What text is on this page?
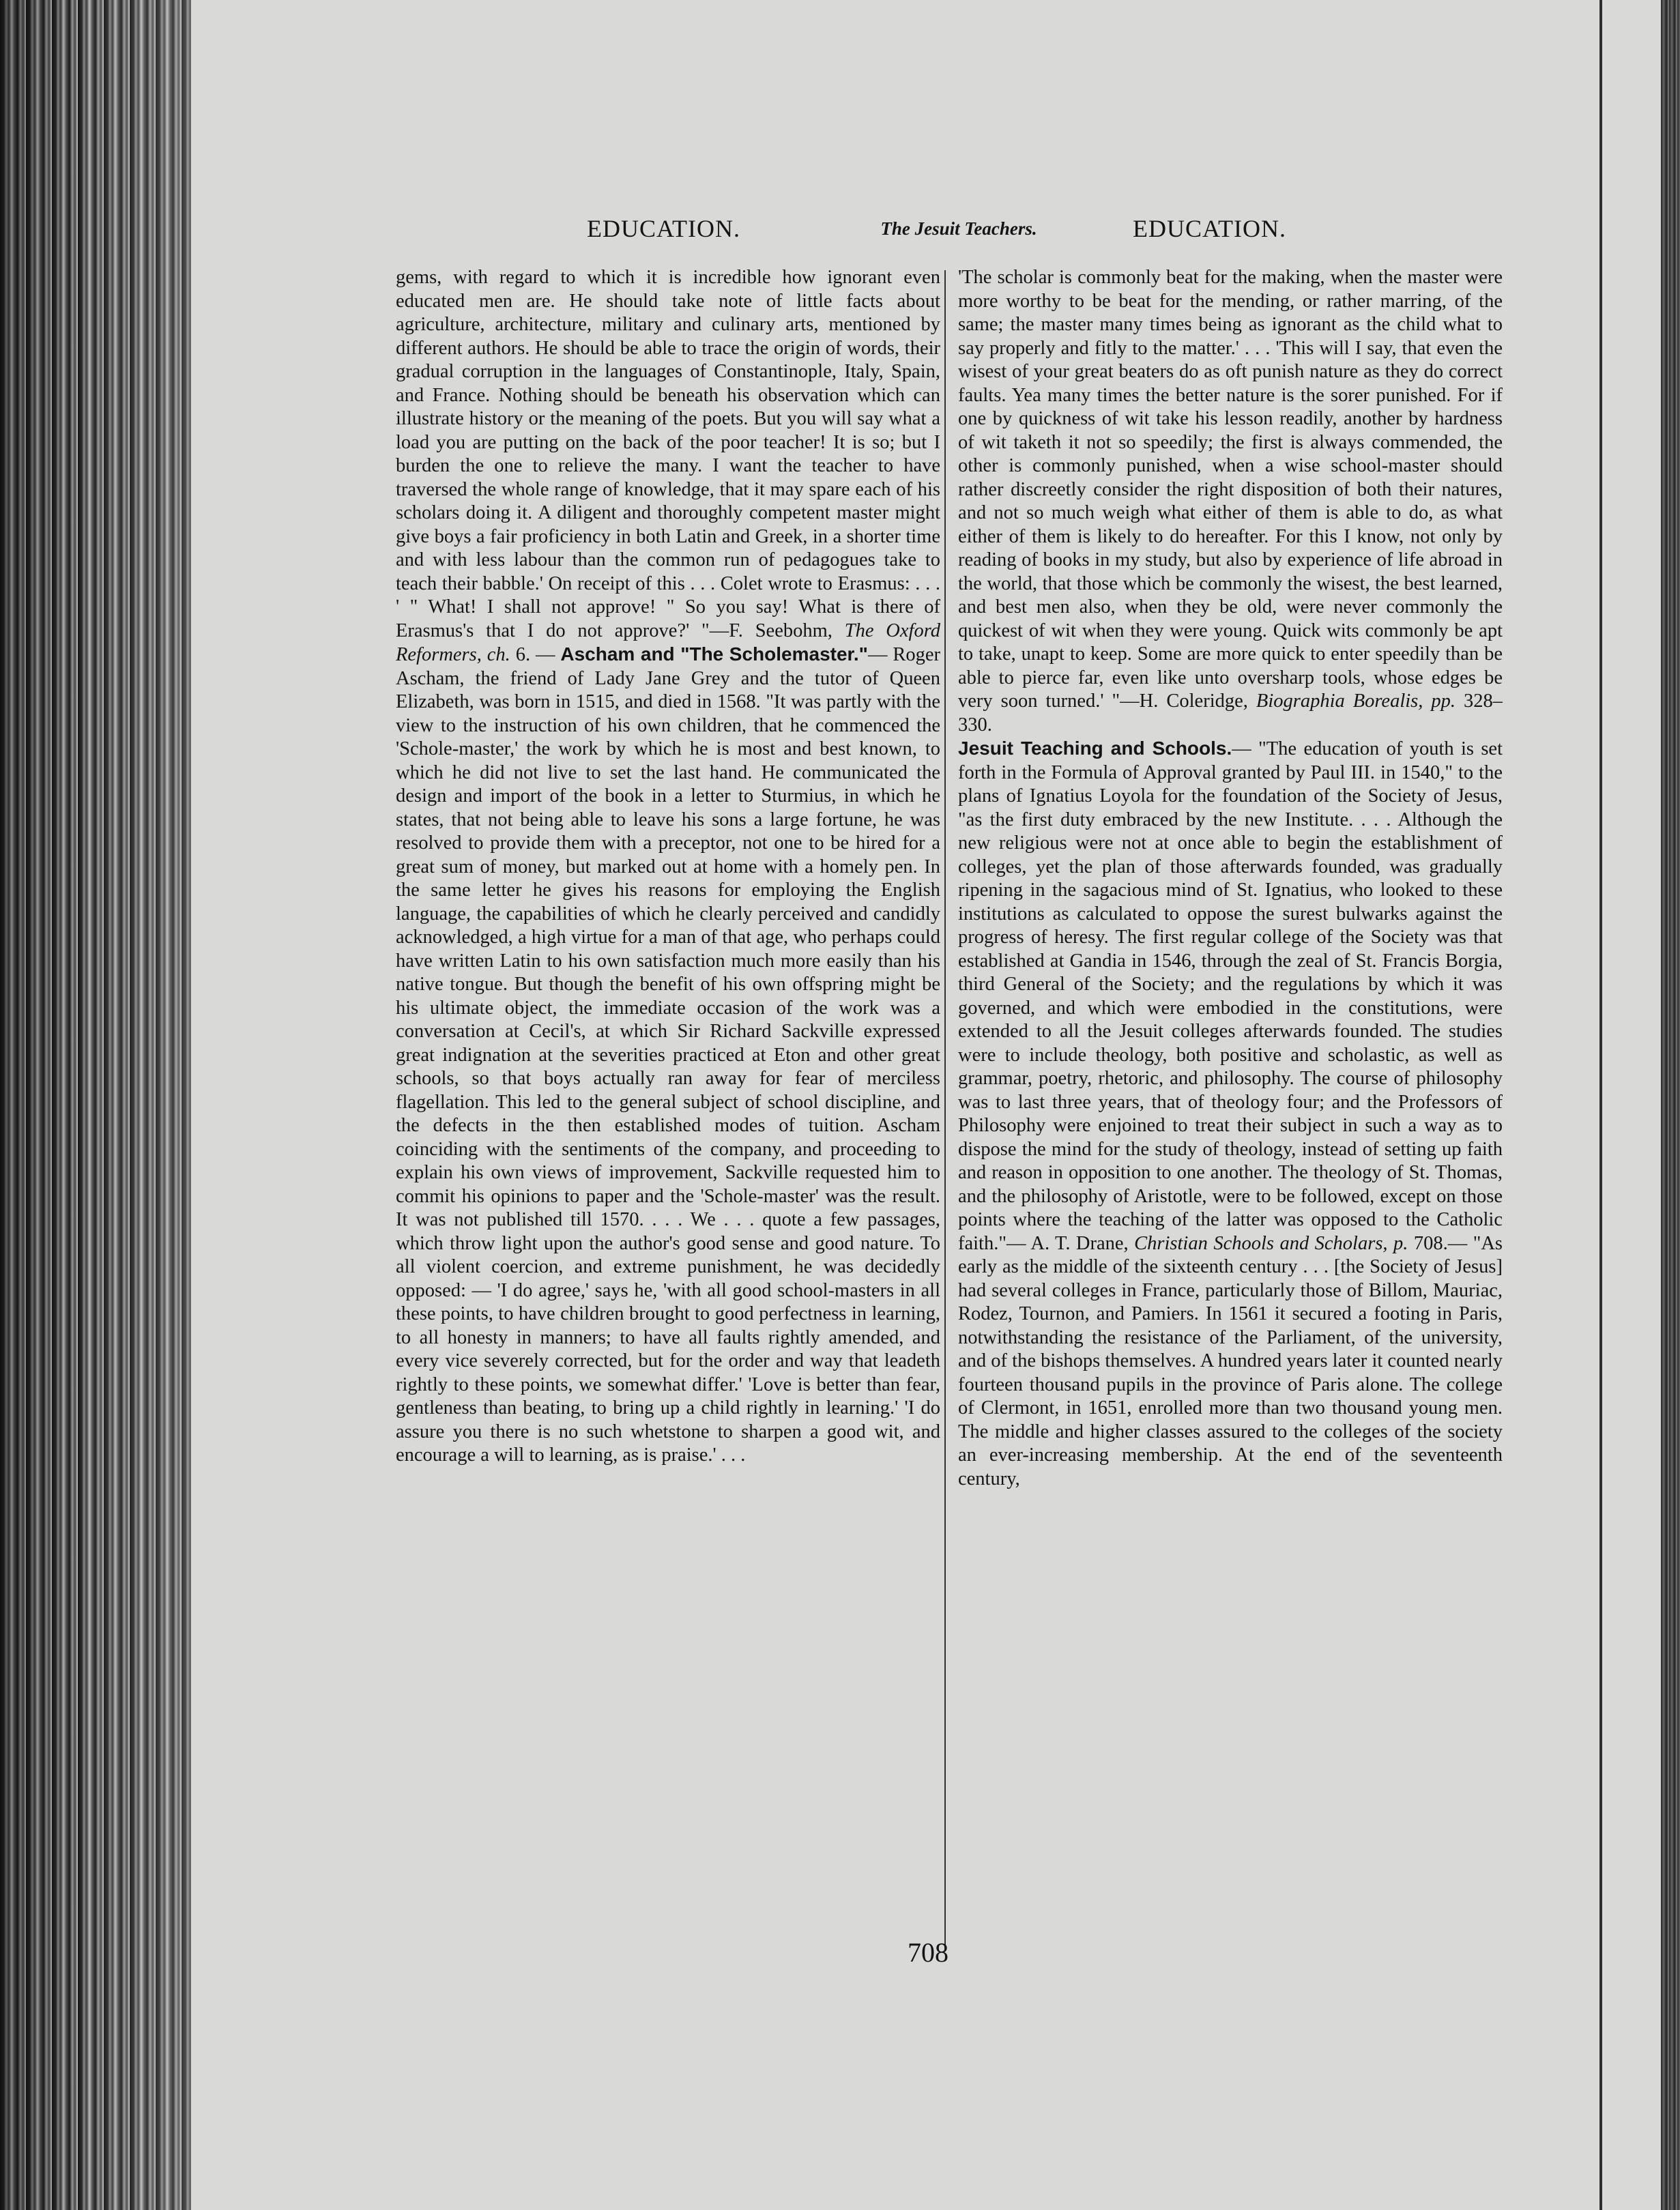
EDUCATION.	The Jesuit Teachers.	EDUCATION.

gems, with regard to which it is incredible how ignorant even educated men are. He should take note of little facts about agriculture, architecture, military and culinary arts, mentioned by different authors. He should be able to trace the origin of words, their gradual corruption in the languages of Constantinople, Italy, Spain, and France. Nothing should be beneath his observation which can illustrate history or the meaning of the poets. But you will say what a load you are putting on the back of the poor teacher! It is so; but I burden the one to relieve the many. I want the teacher to have traversed the whole range of knowledge, that it may spare each of his scholars doing it. A diligent and thoroughly competent master might give boys a fair proficiency in both Latin and Greek, in a shorter time and with less labour than the common run of pedagogues take to teach their babble.' On receipt of this . . . Colet wrote to Erasmus: . . . ' " What! I shall not approve! " So you say! What is there of Erasmus's that I do not approve?' "—F. Seebohm, The Oxford Reformers, ch. 6. — Ascham and "The Scholemaster."— Roger Ascham, the friend of Lady Jane Grey and the tutor of Queen Elizabeth, was born in 1515, and died in 1568. "It was partly with the view to the instruction of his own children, that he commenced the 'Schole-master,' the work by which he is most and best known, to which he did not live to set the last hand. He communicated the design and import of the book in a letter to Sturmius, in which he states, that not being able to leave his sons a large fortune, he was resolved to provide them with a preceptor, not one to be hired for a great sum of money, but marked out at home with a homely pen. In the same letter he gives his reasons for employing the English language, the capabilities of which he clearly perceived and candidly acknowledged, a high virtue for a man of that age, who perhaps could have written Latin to his own satisfaction much more easily than his native tongue. But though the benefit of his own offspring might be his ultimate object, the immediate occasion of the work was a conversation at Cecil's, at which Sir Richard Sackville expressed great indignation at the severities practiced at Eton and other great schools, so that boys actually ran away for fear of merciless flagellation. This led to the general subject of school discipline, and the defects in the then established modes of tuition. Ascham coinciding with the sentiments of the company, and proceeding to explain his own views of improvement, Sackville requested him to commit his opinions to paper and the 'Schole-master' was the result. It was not published till 1570. . . . We . . . quote a few passages, which throw light upon the author's good sense and good nature. To all violent coercion, and extreme punishment, he was decidedly opposed: — 'I do agree,' says he, 'with all good school-masters in all these points, to have children brought to good perfectness in learning, to all honesty in manners; to have all faults rightly amended, and every vice severely corrected, but for the order and way that leadeth rightly to these points, we somewhat differ.' 'Love is better than fear, gentleness than beating, to bring up a child rightly in learning.' 'I do assure you there is no such whetstone to sharpen a good wit, and encourage a will to learning, as is praise.' . . .

'The scholar is commonly beat for the making, when the master were more worthy to be beat for the mending, or rather marring, of the same; the master many times being as ignorant as the child what to say properly and fitly to the matter.' . . . 'This will I say, that even the wisest of your great beaters do as oft punish nature as they do correct faults. Yea many times the better nature is the sorer punished. For if one by quickness of wit take his lesson readily, another by hardness of wit taketh it not so speedily; the first is always commended, the other is commonly punished, when a wise school-master should rather discreetly consider the right disposition of both their natures, and not so much weigh what either of them is able to do, as what either of them is likely to do hereafter. For this I know, not only by reading of books in my study, but also by experience of life abroad in the world, that those which be commonly the wisest, the best learned, and best men also, when they be old, were never commonly the quickest of wit when they were young. Quick wits commonly be apt to take, unapt to keep. Some are more quick to enter speedily than be able to pierce far, even like unto oversharp tools, whose edges be very soon turned.' "—H. Coleridge, Biographia Borealis, pp. 328–330.

Jesuit Teaching and Schools.— "The education of youth is set forth in the Formula of Approval granted by Paul III. in 1540," to the plans of Ignatius Loyola for the foundation of the Society of Jesus, "as the first duty embraced by the new Institute. . . . Although the new religious were not at once able to begin the establishment of colleges, yet the plan of those afterwards founded, was gradually ripening in the sagacious mind of St. Ignatius, who looked to these institutions as calculated to oppose the surest bulwarks against the progress of heresy. The first regular college of the Society was that established at Gandia in 1546, through the zeal of St. Francis Borgia, third General of the Society; and the regulations by which it was governed, and which were embodied in the constitutions, were extended to all the Jesuit colleges afterwards founded. The studies were to include theology, both positive and scholastic, as well as grammar, poetry, rhetoric, and philosophy. The course of philosophy was to last three years, that of theology four; and the Professors of Philosophy were enjoined to treat their subject in such a way as to dispose the mind for the study of theology, instead of setting up faith and reason in opposition to one another. The theology of St. Thomas, and the philosophy of Aristotle, were to be followed, except on those points where the teaching of the latter was opposed to the Catholic faith."— A. T. Drane, Christian Schools and Scholars, p. 708.— "As early as the middle of the sixteenth century . . . [the Society of Jesus] had several colleges in France, particularly those of Billom, Mauriac, Rodez, Tournon, and Pamiers. In 1561 it secured a footing in Paris, notwithstanding the resistance of the Parliament, of the university, and of the bishops themselves. A hundred years later it counted nearly fourteen thousand pupils in the province of Paris alone. The college of Clermont, in 1651, enrolled more than two thousand young men. The middle and higher classes assured to the colleges of the society an ever-increasing membership. At the end of the seventeenth century,

708
